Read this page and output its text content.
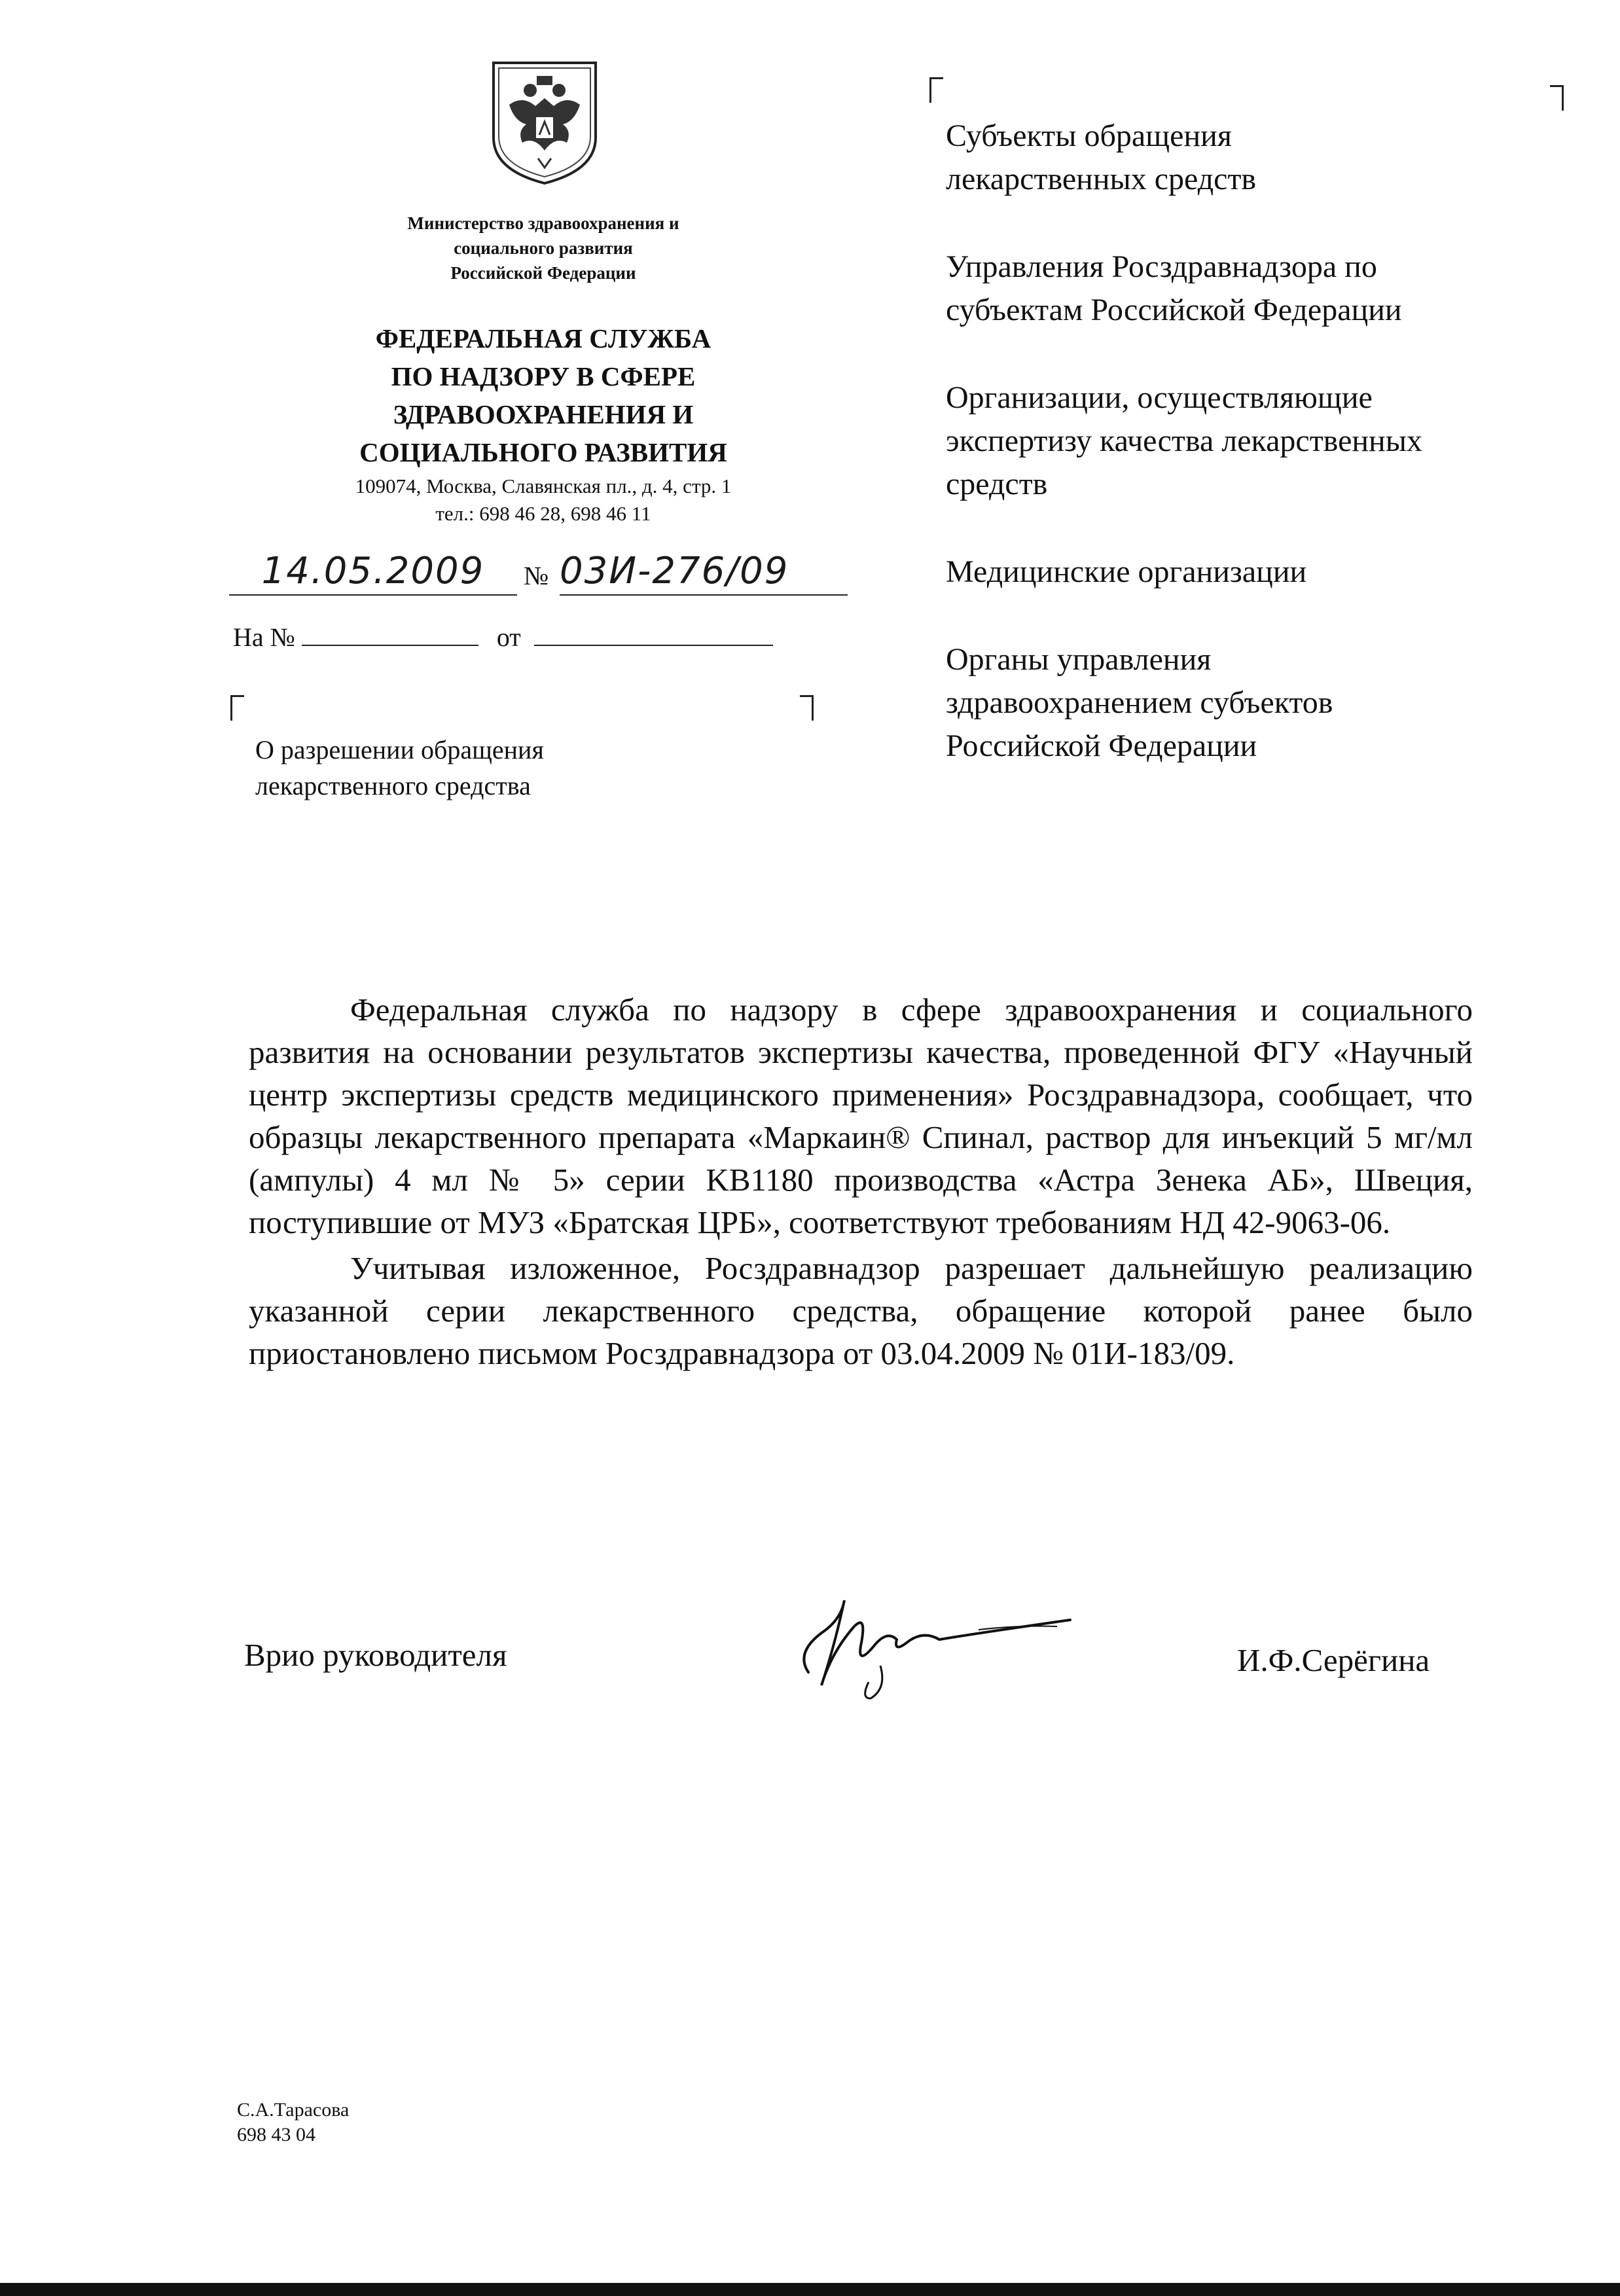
Министерство здравоохранения и
социального развития
Российской Федерации
ФЕДЕРАЛЬНАЯ СЛУЖБА
ПО НАДЗОРУ В СФЕРЕ
ЗДРАВООХРАНЕНИЯ И
СОЦИАЛЬНОГО РАЗВИТИЯ
109074, Москва, Славянская пл., д. 4, стр. 1
тел.: 698 46 28, 698 46 11
14.05.2009	№ 03И-276/09
На №	от
О разрешении обращения
лекарственного средства

Субъекты обращения
лекарственных средств

Управления Росздравнадзора по
субъектам Российской Федерации

Организации, осуществляющие
экспертизу качества лекарственных
средств

Медицинские организации

Органы управления
здравоохранением субъектов
Российской Федерации

Федеральная служба по надзору в сфере здравоохранения и социального развития на основании результатов экспертизы качества, проведенной ФГУ «Научный центр экспертизы средств медицинского применения» Росздравнадзора, сообщает, что образцы лекарственного препарата «Маркаин® Спинал, раствор для инъекций 5 мг/мл (ампулы) 4 мл № 5» серии KB1180 производства «Астра Зенека АБ», Швеция, поступившие от МУЗ «Братская ЦРБ», соответствуют требованиям НД 42-9063-06.

Учитывая изложенное, Росздравнадзор разрешает дальнейшую реализацию указанной серии лекарственного средства, обращение которой ранее было приостановлено письмом Росздравнадзора от 03.04.2009 № 01И-183/09.

Врио руководителя	И.Ф.Серёгина
С.А.Тарасова
698 43 04
